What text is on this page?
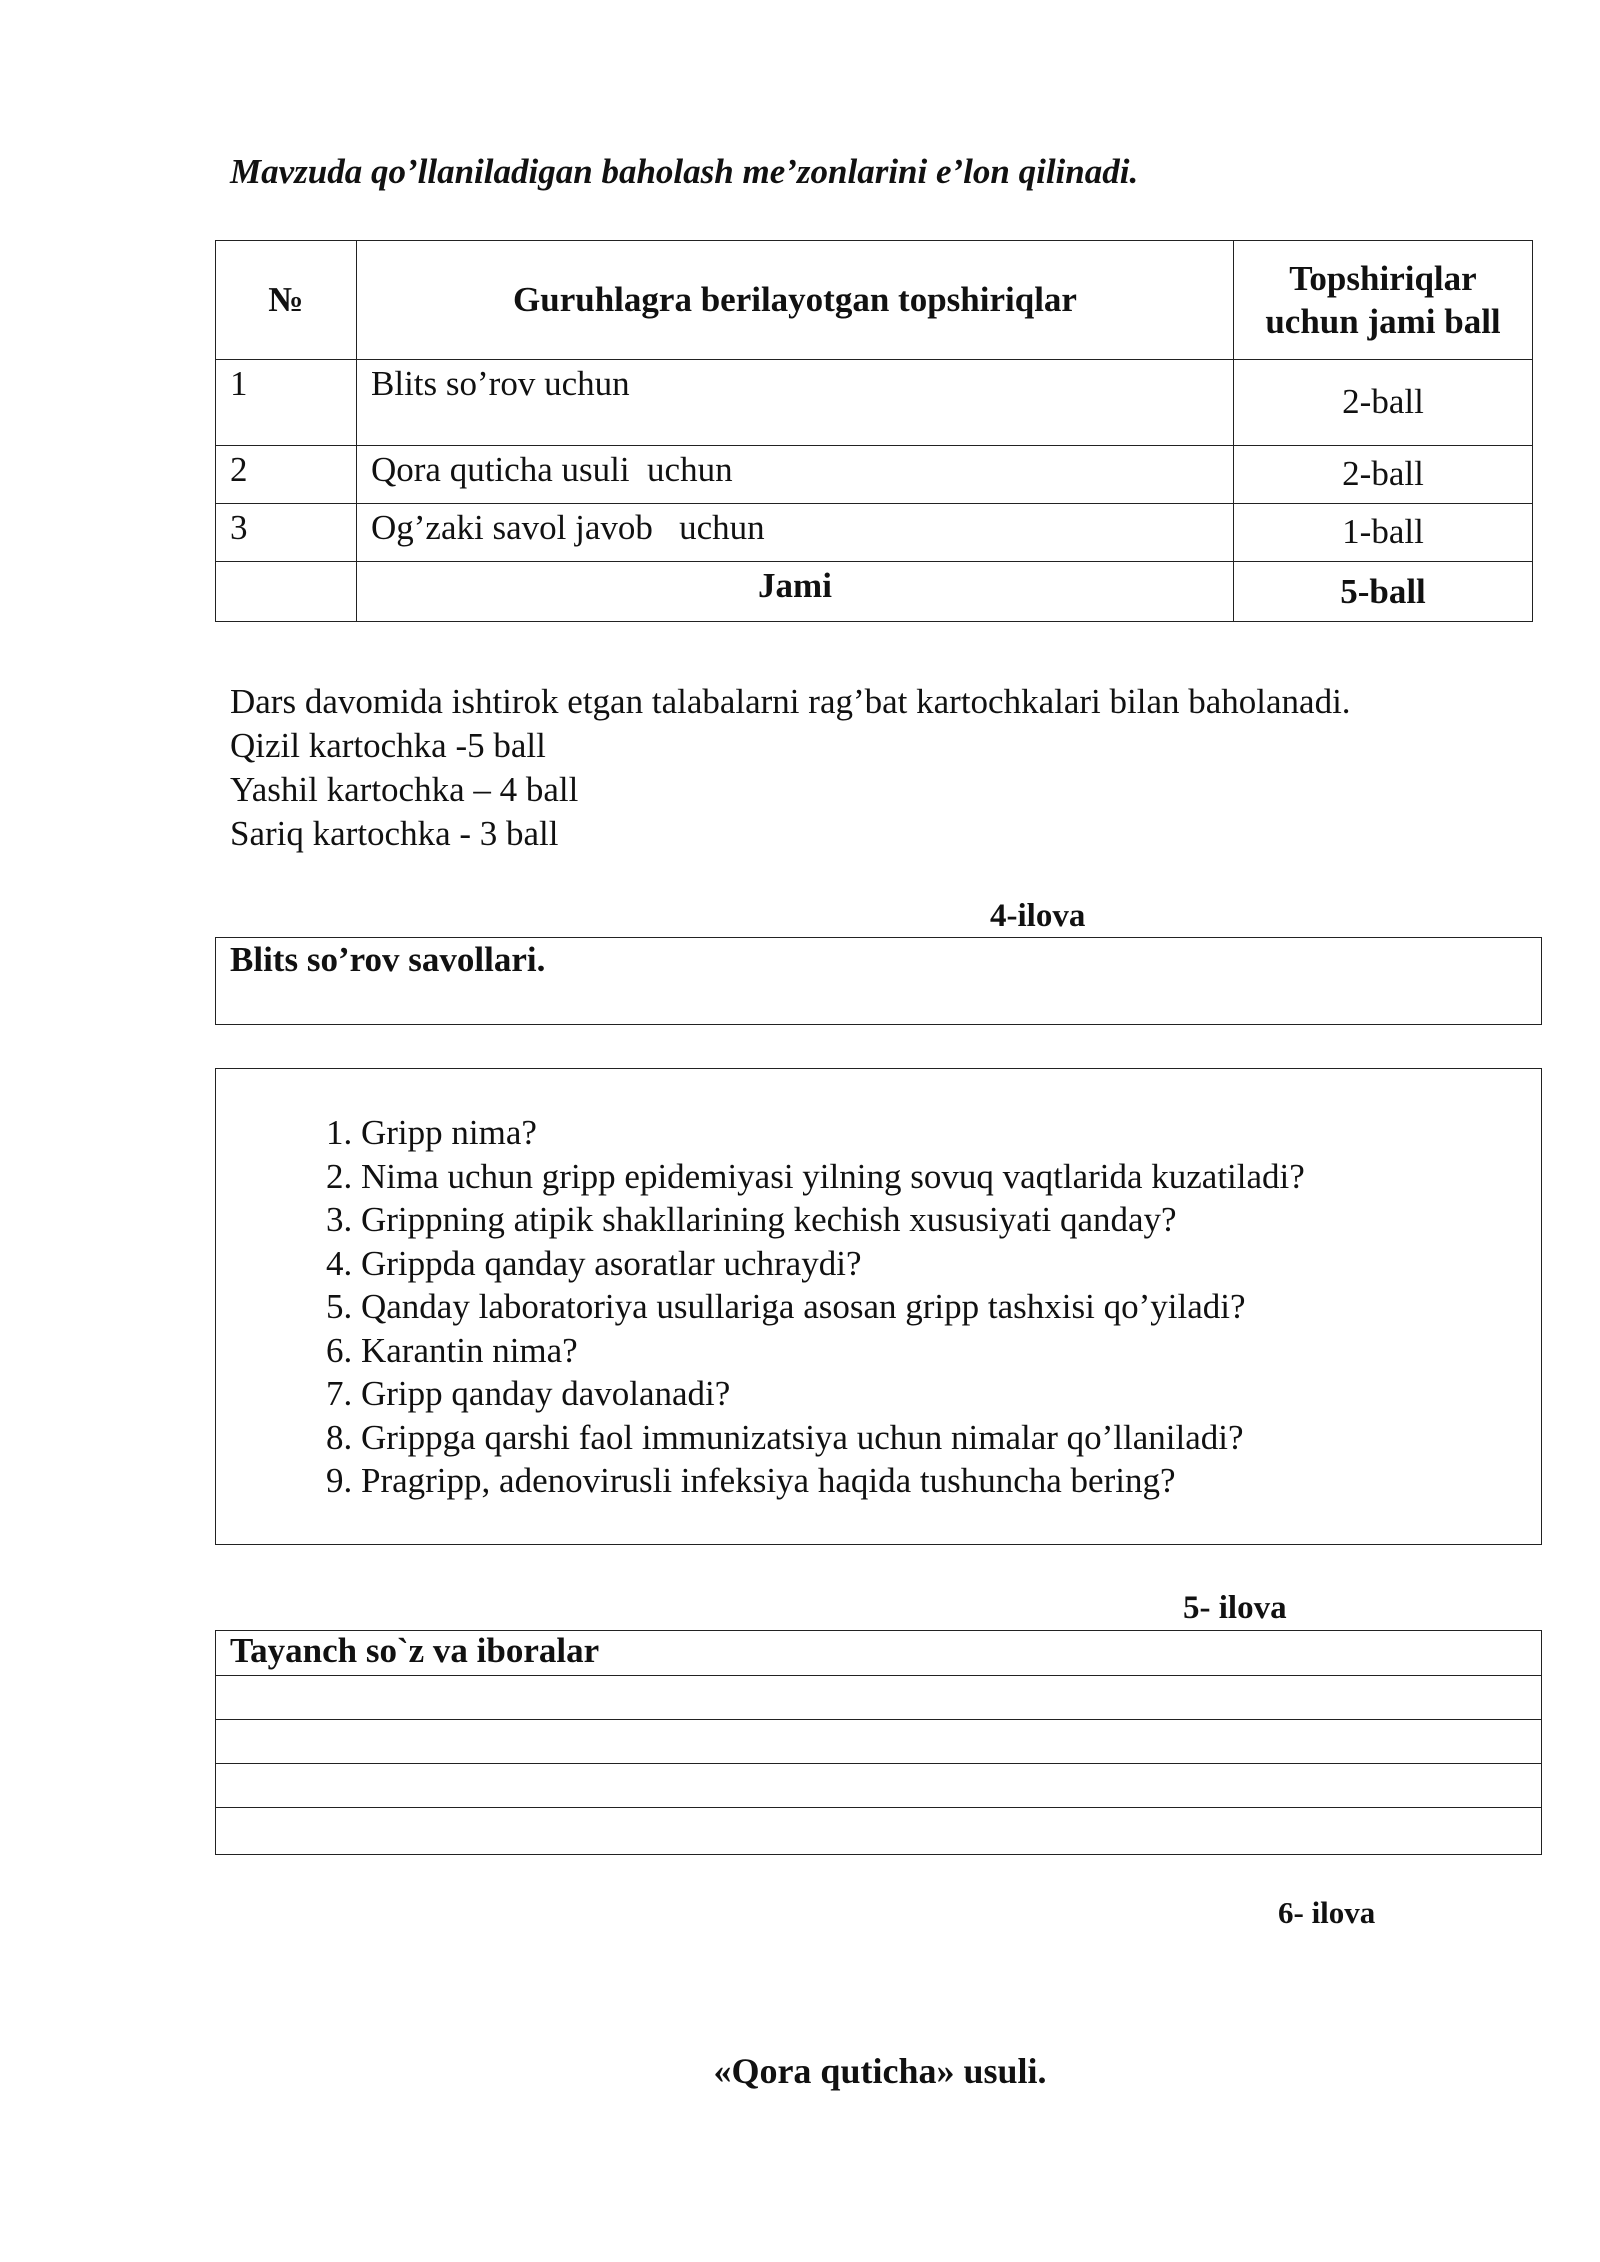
Mavzuda qo’llaniladigan baholash me’zonlarini e’lon qilinadi.
№	Guruhlagra berilayotgan topshiriqlar	Topshiriqlar uchun jami ball
1	Blits so’rov uchun	2-ball
2	Qora quticha usuli  uchun	2-ball
3	Og’zaki savol javob   uchun	1-ball
	Jami	5-ball
Dars davomida ishtirok etgan talabalarni rag’bat kartochkalari bilan baholanadi.
Qizil kartochka -5 ball
Yashil kartochka – 4 ball
Sariq kartochka - 3 ball
4-ilova
Blits so’rov savollari.
1. Gripp nima?
2. Nima uchun gripp epidemiyasi yilning sovuq vaqtlarida kuzatiladi?
3. Grippning atipik shakllarining kechish xususiyati qanday?
4. Grippda qanday asoratlar uchraydi?
5. Qanday laboratoriya usullariga asosan gripp tashxisi qo’yiladi?
6. Karantin nima?
7. Gripp qanday davolanadi?
8. Grippga qarshi faol immunizatsiya uchun nimalar qo’llaniladi?
9. Pragripp, adenovirusli infeksiya haqida tushuncha bering?
5- ilova
Tayanch so`z va iboralar
6- ilova
«Qora quticha» usuli.
